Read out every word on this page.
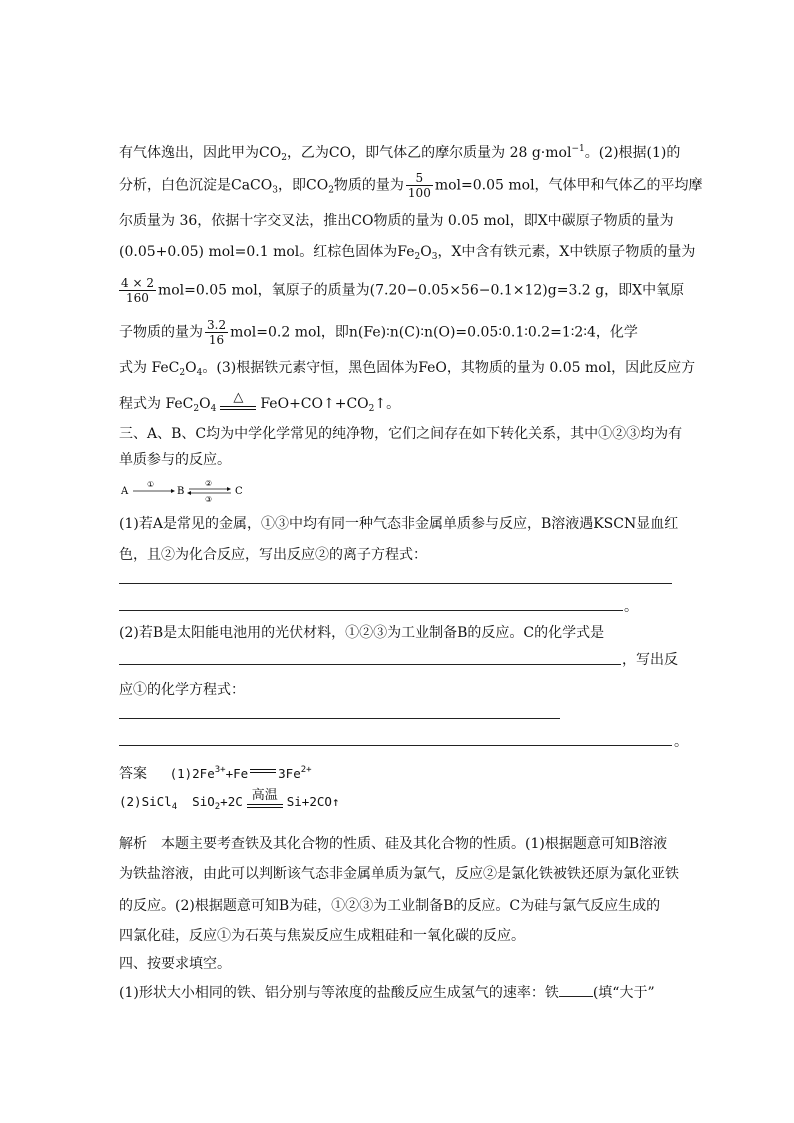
有气体逸出，因此甲为$CO_2$，乙为CO，即气体乙的摩尔质量为 28 g·mol$^{-1}$。(2)根据(1)的
分析，白色沉淀是CaCO$_3$，即$CO_2$物质的量为 $\frac{5}{100} mol=0.05$ mol，气体甲和气体乙的平均摩
尔质量为 36，依据十字交叉法，推出CO物质的量为 0.05 mol，即X中碳原子物质的量为
(0.05+0.05) mol=0.1 mol。红棕色固体为$Fe_2O_3$，X中含有铁元素，X中铁原子物质的量为
$\frac{4 \times 2}{160} mol=0.05$ mol，氧原子的质量为(7.20−0.05×56−0.1×12)g=3.2 g，即X中氧原
子物质的量为 $\frac{3.2}{16} mol=0.2$ mol，即n(Fe)∶n(C)∶n(O)=0.05∶0.1∶0.2=1∶2∶4，化学
式为 $FeC_2O_4$。(3)根据铁元素守恒，黑色固体为FeO，其物质的量为 0.05 mol，因此反应方
程式为 $FeC_2O_4$
△	$FeO+CO↑+CO_2↑$。
三、A、B、C均为中学化学常见的纯净物，它们之间存在如下转化关系，其中①②③均为有
单质参与的反应。
A
①
B
②
③
C
(1)若A是常见的金属，①③中均有同一种气态非金属单质参与反应，B溶液遇KSCN显血红
色，且②为化合反应，写出反应②的离子方程式：
。
(2)若B是太阳能电池用的光伏材料，①②③为工业制备B的反应。C的化学式是
，写出反
应①的化学方程式：
。
答案 $(1)2Fe^{3+}+Fe$ $3Fe^{2+}$
(2)SiCl$_4$ SiO$_2$+2C 高温 Si+2CO↑
解析　本题主要考查铁及其化合物的性质、硅及其化合物的性质。(1)根据题意可知B溶液
为铁盐溶液，由此可以判断该气态非金属单质为氯气，反应②是氯化铁被铁还原为氯化亚铁
的反应。(2)根据题意可知B为硅，①②③为工业制备B的反应。C为硅与氯气反应生成的
四氯化硅，反应①为石英与焦炭反应生成粗硅和一氧化碳的反应。
四、按要求填空。
(1)形状大小相同的铁、铝分别与等浓度的盐酸反应生成氢气的速率：铁 (填“大于”
